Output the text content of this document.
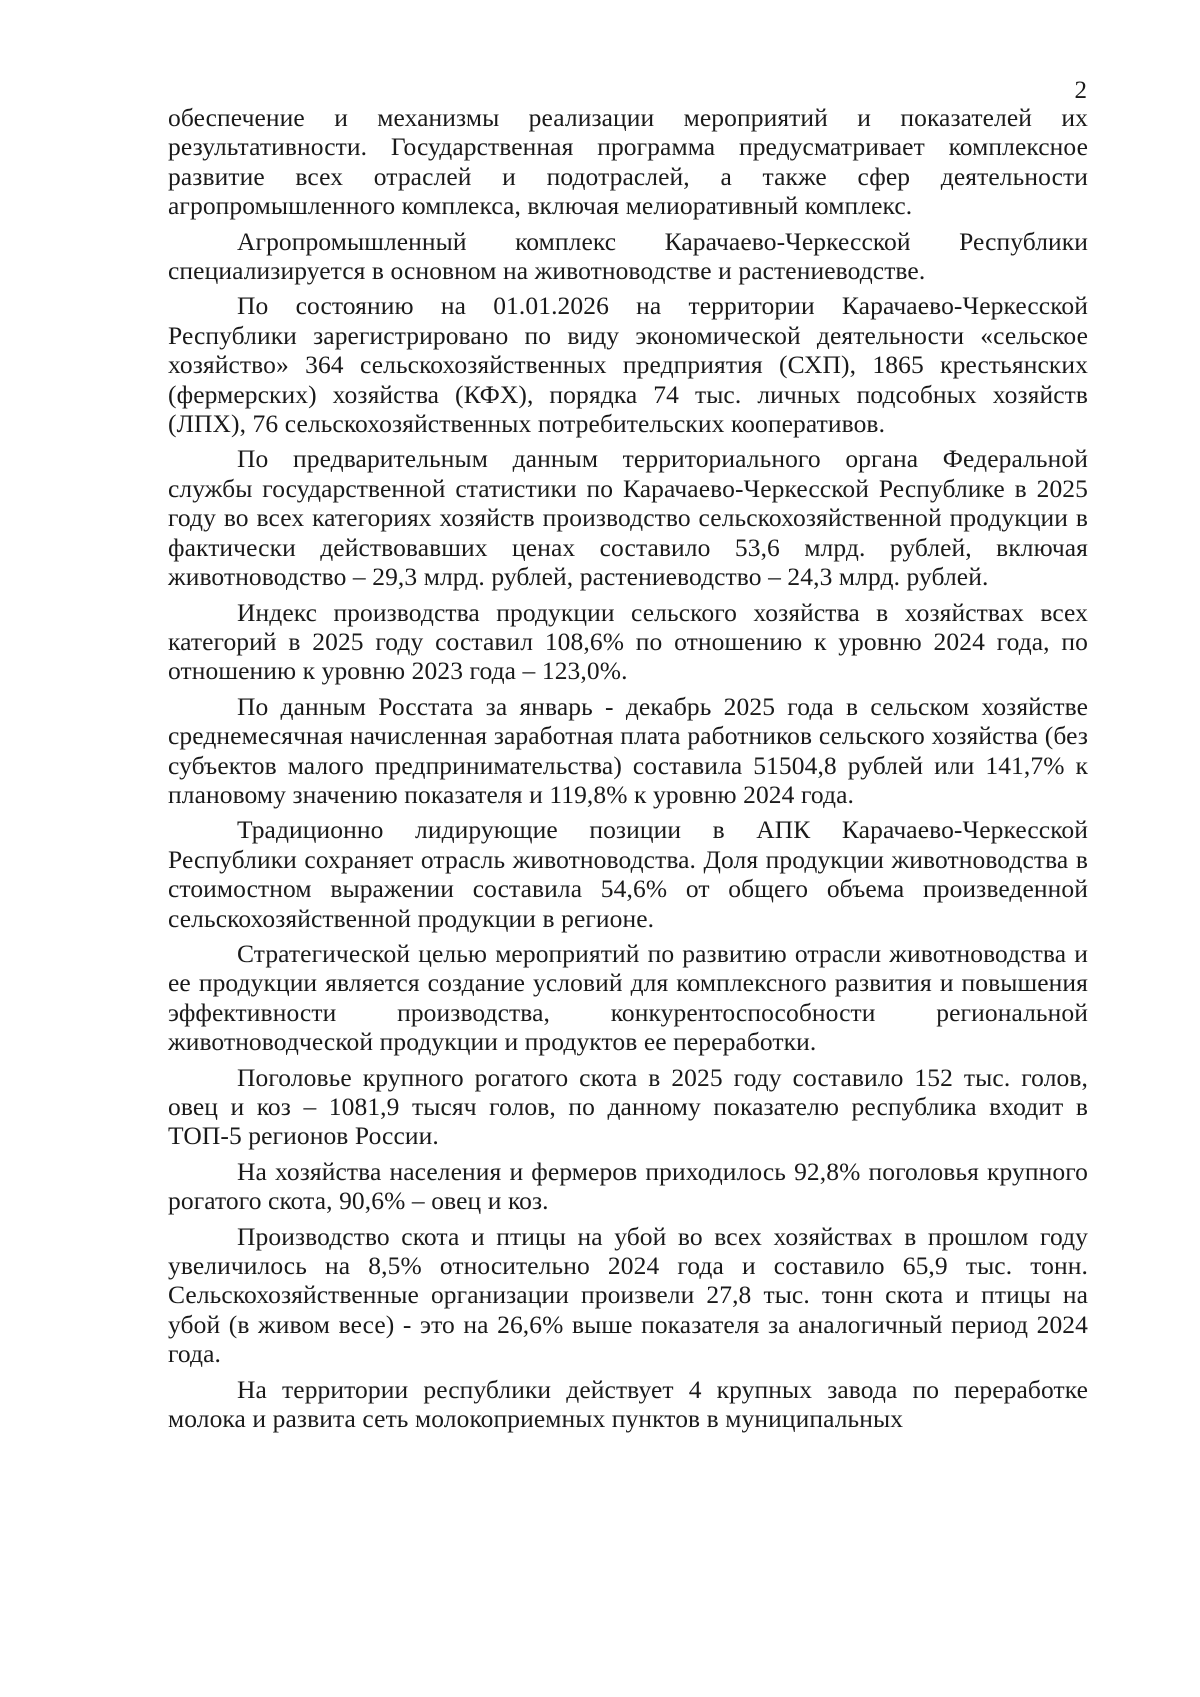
2

обеспечение и механизмы реализации мероприятий и показателей их результативности. Государственная программа предусматривает комплексное развитие всех отраслей и подотраслей, а также сфер деятельности агропромышленного комплекса, включая мелиоративный комплекс.

Агропромышленный комплекс Карачаево-Черкесской Республики специализируется в основном на животноводстве и растениеводстве.

По состоянию на 01.01.2026 на территории Карачаево-Черкесской Республики зарегистрировано по виду экономической деятельности «сельское хозяйство» 364 сельскохозяйственных предприятия (СХП), 1865 крестьянских (фермерских) хозяйства (КФХ), порядка 74 тыс. личных подсобных хозяйств (ЛПХ), 76 сельскохозяйственных потребительских кооперативов.

По предварительным данным территориального органа Федеральной службы государственной статистики по Карачаево-Черкесской Республике в 2025 году во всех категориях хозяйств производство сельскохозяйственной продукции в фактически действовавших ценах составило 53,6 млрд. рублей, включая животноводство – 29,3 млрд. рублей, растениеводство – 24,3 млрд. рублей.

Индекс производства продукции сельского хозяйства в хозяйствах всех категорий в 2025 году составил 108,6% по отношению к уровню 2024 года, по отношению к уровню 2023 года – 123,0%.

По данным Росстата за январь - декабрь 2025 года в сельском хозяйстве среднемесячная начисленная заработная плата работников сельского хозяйства (без субъектов малого предпринимательства) составила 51504,8 рублей или 141,7% к плановому значению показателя и 119,8% к уровню 2024 года.

Традиционно лидирующие позиции в АПК Карачаево-Черкесской Республики сохраняет отрасль животноводства. Доля продукции животноводства в стоимостном выражении составила 54,6% от общего объема произведенной сельскохозяйственной продукции в регионе.

Стратегической целью мероприятий по развитию отрасли животноводства и ее продукции является создание условий для комплексного развития и повышения эффективности производства, конкурентоспособности региональной животноводческой продукции и продуктов ее переработки.

Поголовье крупного рогатого скота в 2025 году составило 152 тыс. голов, овец и коз – 1081,9 тысяч голов, по данному показателю республика входит в ТОП-5 регионов России.

На хозяйства населения и фермеров приходилось 92,8% поголовья крупного рогатого скота, 90,6% – овец и коз.

Производство скота и птицы на убой во всех хозяйствах в прошлом году увеличилось на 8,5% относительно 2024 года и составило 65,9 тыс. тонн. Сельскохозяйственные организации произвели 27,8 тыс. тонн скота и птицы на убой (в живом весе) - это на 26,6% выше показателя за аналогичный период 2024 года.

На территории республики действует 4 крупных завода по переработке молока и развита сеть молокоприемных пунктов в муниципальных
